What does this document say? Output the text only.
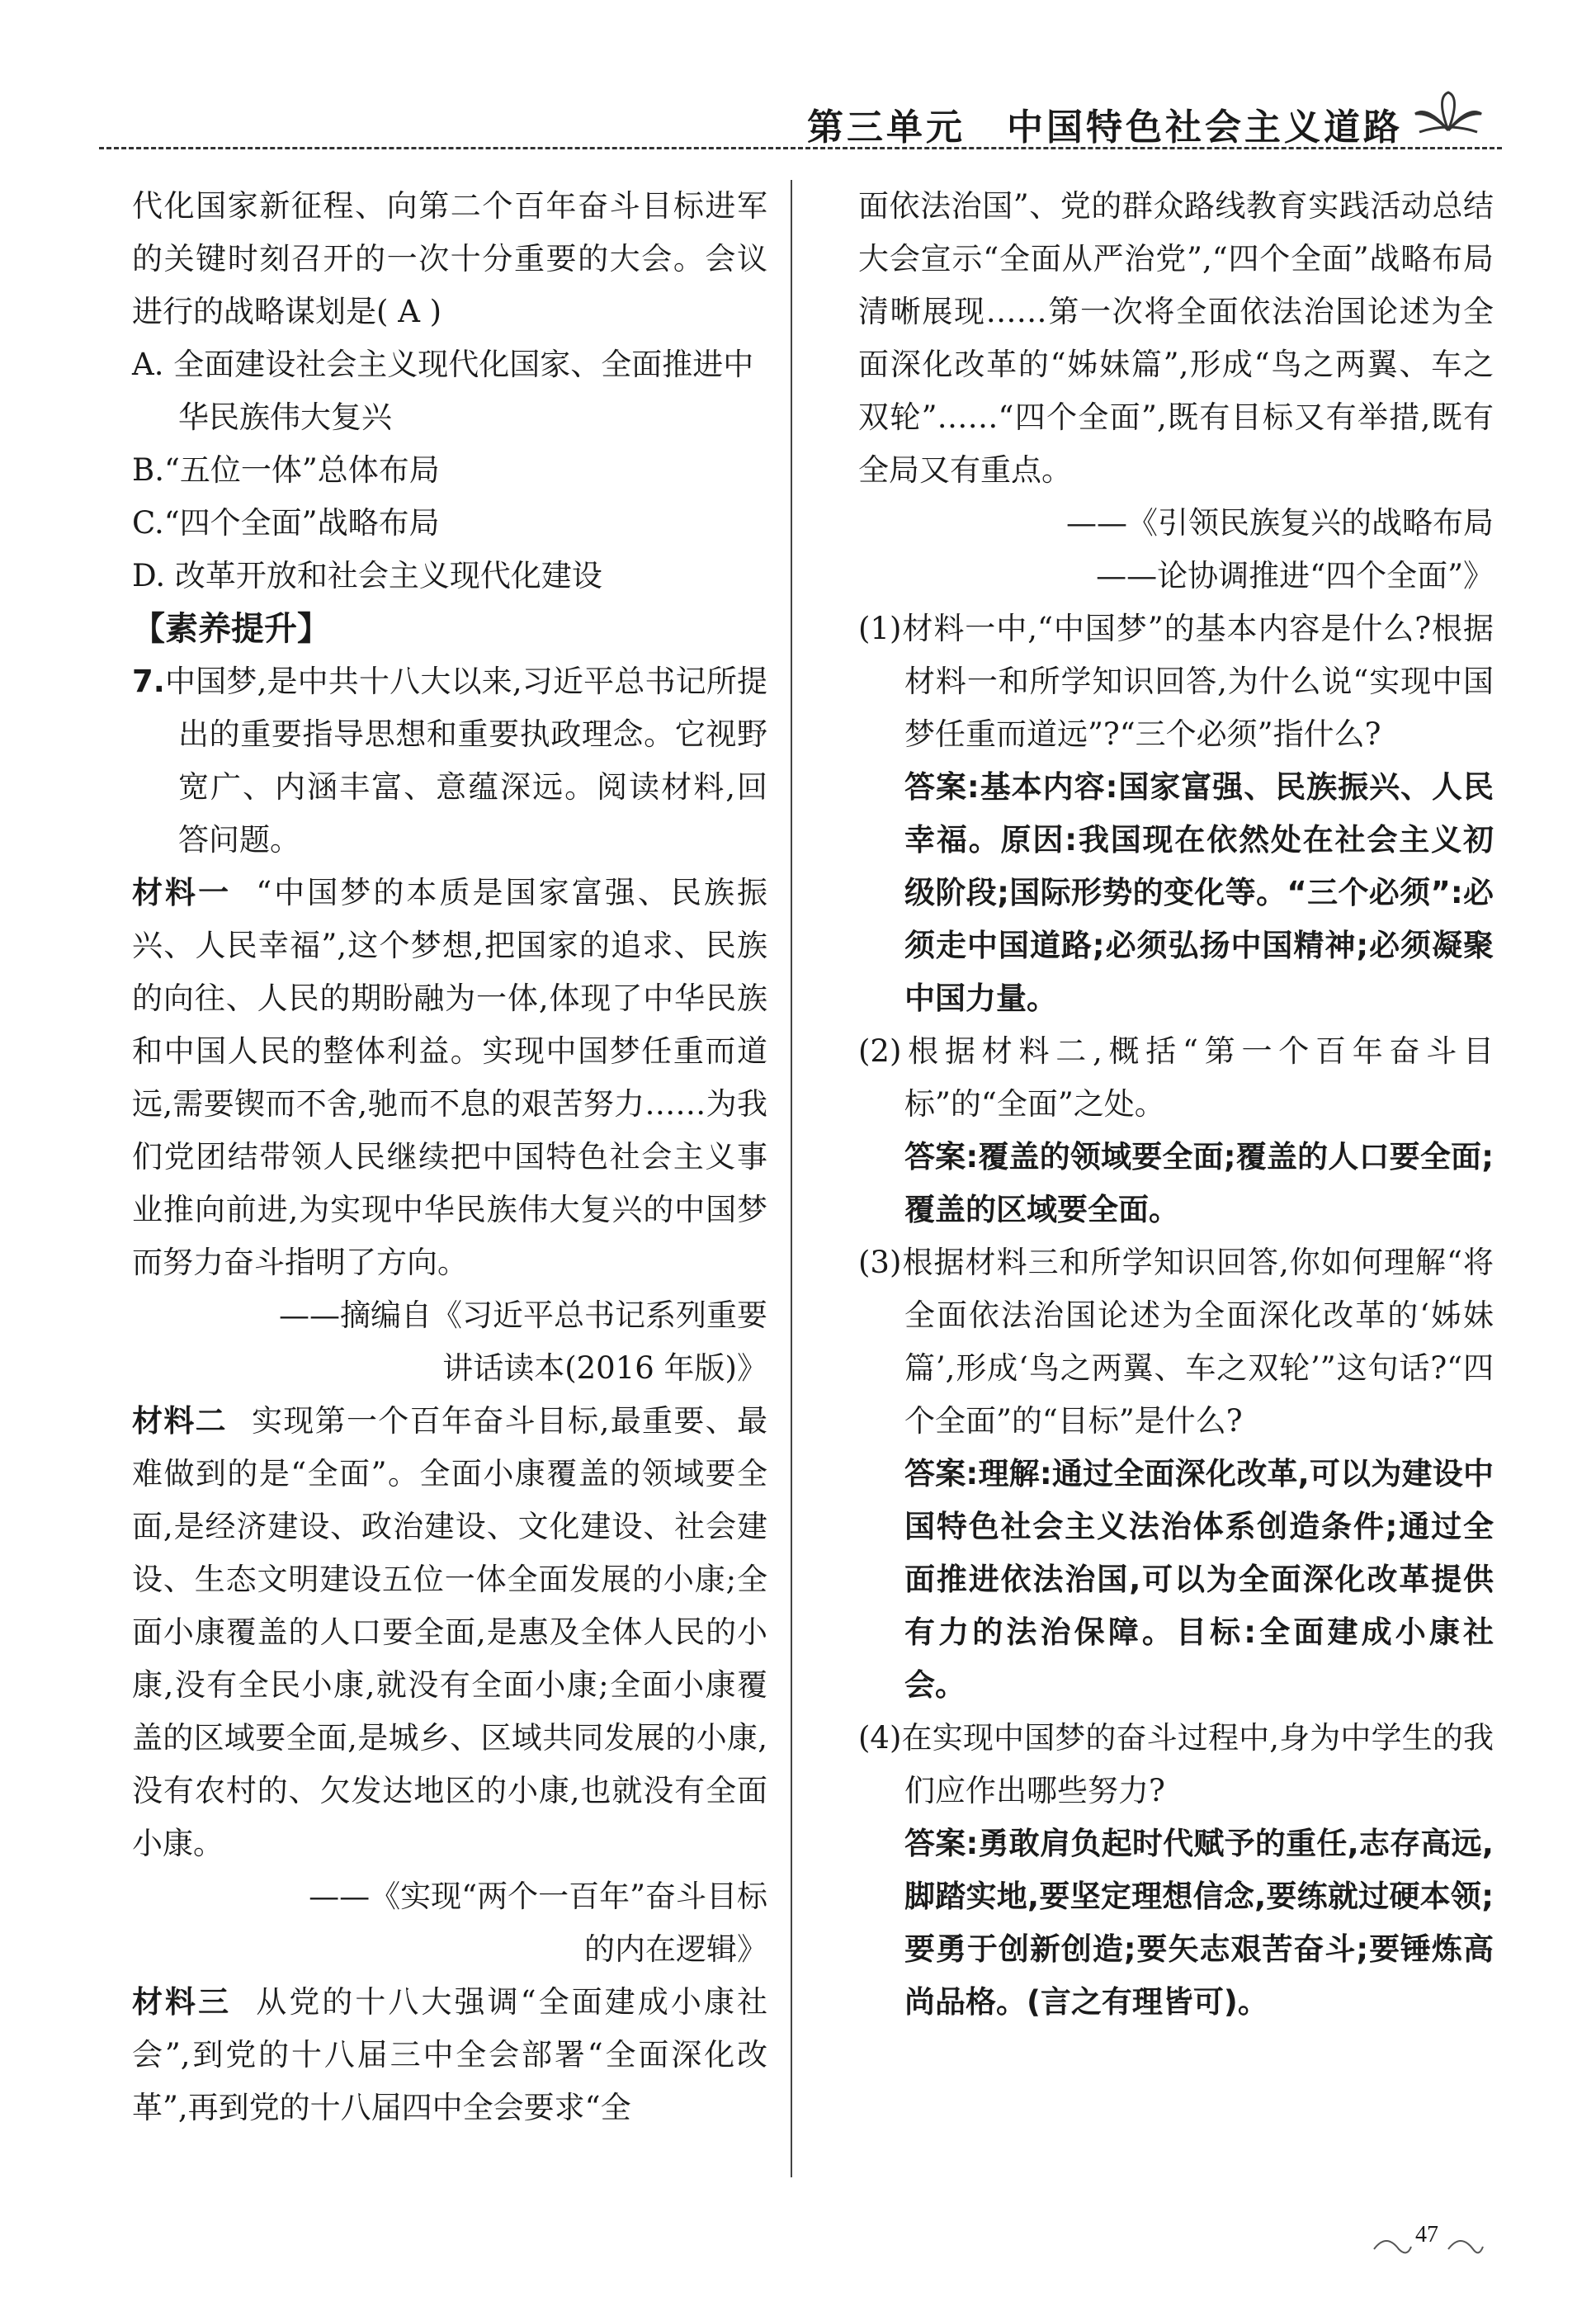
第三单元 中国特色社会主义道路

代化国家新征程、向第二个百年奋斗目标进军的关键时刻召开的一次十分重要的大会。会议进行的战略谋划是( A )

A. 全面建设社会主义现代化国家、全面推进中华民族伟大复兴

B.“五位一体”总体布局

C.“四个全面”战略布局

D. 改革开放和社会主义现代化建设

【素养提升】

7.中国梦,是中共十八大以来,习近平总书记所提出的重要指导思想和重要执政理念。它视野宽广、内涵丰富、意蕴深远。阅读材料,回答问题。

材料一 “中国梦的本质是国家富强、民族振兴、人民幸福”,这个梦想,把国家的追求、民族的向往、人民的期盼融为一体,体现了中华民族和中国人民的整体利益。实现中国梦任重而道远,需要锲而不舍,驰而不息的艰苦努力……为我们党团结带领人民继续把中国特色社会主义事业推向前进,为实现中华民族伟大复兴的中国梦而努力奋斗指明了方向。

——摘编自《习近平总书记系列重要

讲话读本(2016 年版)》

材料二 实现第一个百年奋斗目标,最重要、最难做到的是“全面”。全面小康覆盖的领域要全面,是经济建设、政治建设、文化建设、社会建设、生态文明建设五位一体全面发展的小康;全面小康覆盖的人口要全面,是惠及全体人民的小康,没有全民小康,就没有全面小康;全面小康覆盖的区域要全面,是城乡、区域共同发展的小康,没有农村的、欠发达地区的小康,也就没有全面小康。

——《实现“两个一百年”奋斗目标

的内在逻辑》

材料三 从党的十八大强调“全面建成小康社会”,到党的十八届三中全会部署“全面深化改革”,再到党的十八届四中全会要求“全

面依法治国”、党的群众路线教育实践活动总结大会宣示“全面从严治党”,“四个全面”战略布局清晰展现……第一次将全面依法治国论述为全面深化改革的“姊妹篇”,形成“鸟之两翼、车之双轮”……“四个全面”,既有目标又有举措,既有全局又有重点。

——《引领民族复兴的战略布局

——论协调推进“四个全面”》

(1)材料一中,“中国梦”的基本内容是什么?根据材料一和所学知识回答,为什么说“实现中国梦任重而道远”?“三个必须”指什么?

答案:基本内容:国家富强、民族振兴、人民幸福。原因:我国现在依然处在社会主义初级阶段;国际形势的变化等。“三个必须”:必须走中国道路;必须弘扬中国精神;必须凝聚中国力量。

(2)根据材料二,概括“第一个百年奋斗目标”的“全面”之处。

答案:覆盖的领域要全面;覆盖的人口要全面;覆盖的区域要全面。

(3)根据材料三和所学知识回答,你如何理解“将全面依法治国论述为全面深化改革的‘姊妹篇’,形成‘鸟之两翼、车之双轮’”这句话?“四个全面”的“目标”是什么?

答案:理解:通过全面深化改革,可以为建设中国特色社会主义法治体系创造条件;通过全面推进依法治国,可以为全面深化改革提供有力的法治保障。目标:全面建成小康社会。

(4)在实现中国梦的奋斗过程中,身为中学生的我们应作出哪些努力?

答案:勇敢肩负起时代赋予的重任,志存高远,脚踏实地,要坚定理想信念,要练就过硬本领;要勇于创新创造;要矢志艰苦奋斗;要锤炼高尚品格。(言之有理皆可)。

47
